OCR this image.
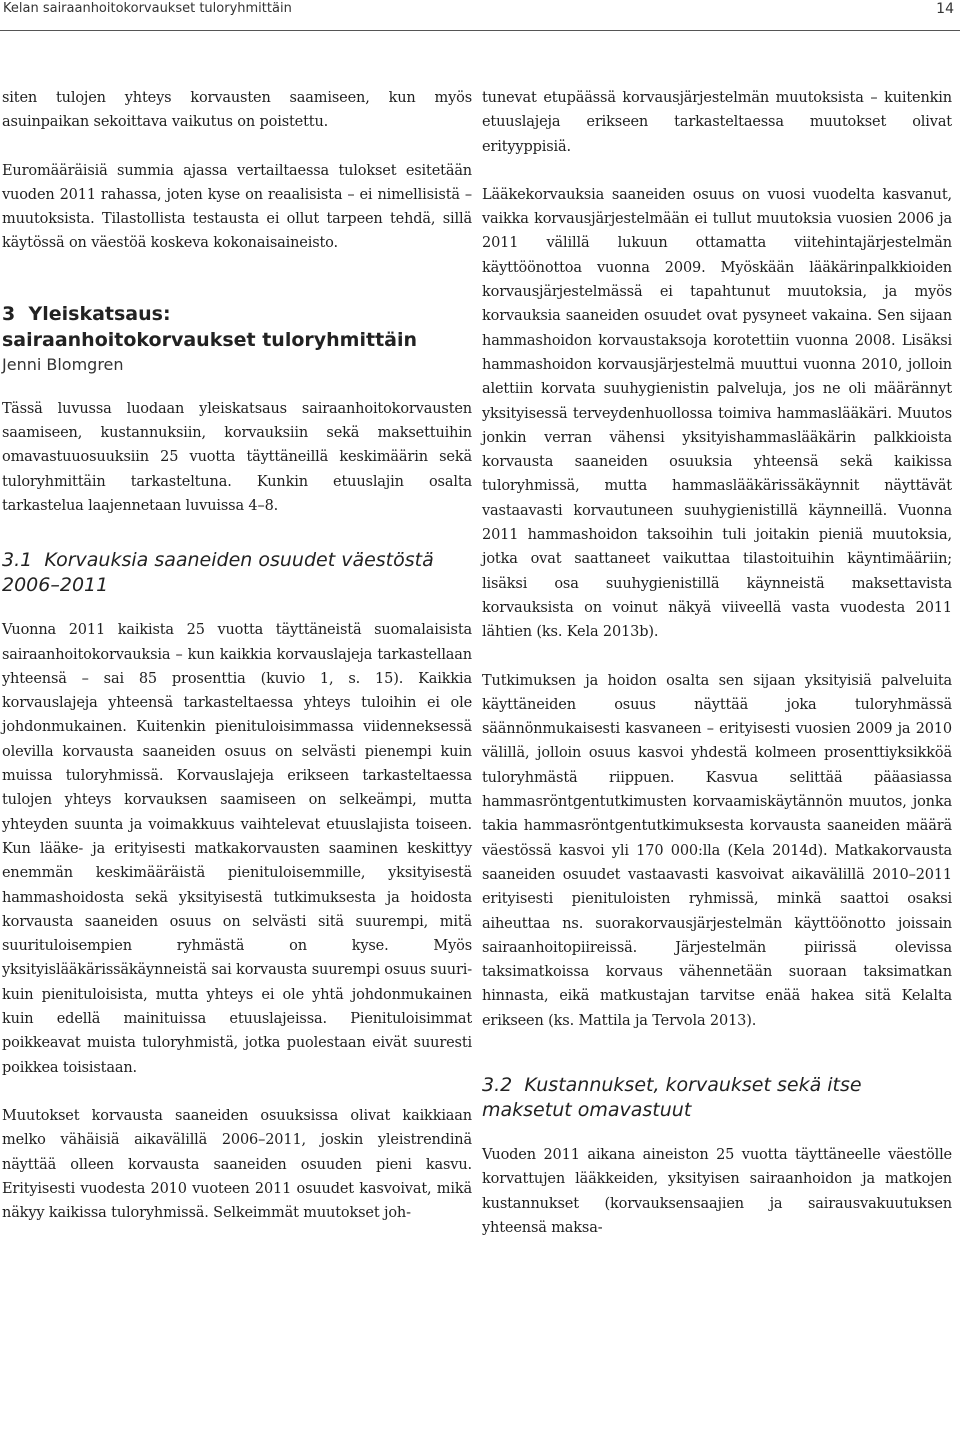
Kelan sairaanhoitokorvaukset tuloryhmittäin	14

siten tulojen yhteys korvausten saamiseen, kun myös asuinpaikan sekoittava vaikutus on poistettu.

Euromääräisiä summia ajassa vertailtaessa tulokset esitetään vuoden 2011 rahassa, joten kyse on reaalisista – ei nimellisistä – muutoksista. Tilastollista testausta ei ollut tarpeen tehdä, sillä käytössä on väestöä koskeva kokonaisaineisto.

3 Yleiskatsaus:
sairaanhoitokorvaukset tuloryhmittäin
Jenni Blomgren

Tässä luvussa luodaan yleiskatsaus sairaanhoitokorvausten saamiseen, kustannuksiin, korvauksiin sekä maksettuihin omavastuuosuuksiin 25 vuotta täyttäneillä keskimäärin sekä tuloryhmittäin tarkasteltuna. Kunkin etuuslajin osalta tarkastelua laajennetaan luvuissa 4–8.

3.1 Korvauksia saaneiden osuudet väestöstä 2006–2011

Vuonna 2011 kaikista 25 vuotta täyttäneistä suomalaisista sairaanhoitokorvauksia – kun kaikkia korvauslajeja tarkastellaan yhteensä – sai 85 prosenttia (kuvio 1, s. 15). Kaikkia korvauslajeja yhteensä tarkasteltaessa yhteys tuloihin ei ole johdonmukainen. Kuitenkin pienituloisimmassa viidenneksessä olevilla korvausta saaneiden osuus on selvästi pienempi kuin muissa tuloryhmissä. Korvauslajeja erikseen tarkasteltaessa tulojen yhteys korvauksen saamiseen on selkeämpi, mutta yhteyden suunta ja voimakkuus vaihtelevat etuuslajista toiseen. Kun lääke- ja erityisesti matkakorvausten saaminen keskittyy enemmän keskimääräistä pienituloisemmille, yksityisestä hammashoidosta sekä yksityisestä tutkimuksesta ja hoidosta korvausta saaneiden osuus on selvästi sitä suurempi, mitä suurituloisempien ryhmästä on kyse. Myös yksityislääkärissäkäynneistä sai korvausta suurempi osuus suuri- kuin pienituloisista, mutta yhteys ei ole yhtä johdonmukainen kuin edellä mainituissa etuuslajeissa. Pienituloisimmat poikkeavat muista tuloryhmistä, jotka puolestaan eivät suuresti poikkea toisistaan.

Muutokset korvausta saaneiden osuuksissa olivat kaikkiaan melko vähäisiä aikavälillä 2006–2011, joskin yleistrendinä näyttää olleen korvausta saaneiden osuuden pieni kasvu. Erityisesti vuodesta 2010 vuoteen 2011 osuudet kasvoivat, mikä näkyy kaikissa tuloryhmissä. Selkeimmät muutokset joh-

tunevat etupäässä korvausjärjestelmän muutoksista – kuitenkin etuuslajeja erikseen tarkasteltaessa muutokset olivat erityyppisiä.

Lääkekorvauksia saaneiden osuus on vuosi vuodelta kasvanut, vaikka korvausjärjestelmään ei tullut muutoksia vuosien 2006 ja 2011 välillä lukuun ottamatta viitehintajärjestelmän käyttöönottoa vuonna 2009. Myöskään lääkärinpalkkioiden korvausjärjestelmässä ei tapahtunut muutoksia, ja myös korvauksia saaneiden osuudet ovat pysyneet vakaina. Sen sijaan hammashoidon korvaustaksoja korotettiin vuonna 2008. Lisäksi hammashoidon korvausjärjestelmä muuttui vuonna 2010, jolloin alettiin korvata suuhygienistin palveluja, jos ne oli määrännyt yksityisessä terveydenhuollossa toimiva hammaslääkäri. Muutos jonkin verran vähensi yksityishammaslääkärin palkkioista korvausta saaneiden osuuksia yhteensä sekä kaikissa tuloryhmissä, mutta hammaslääkärissäkäynnit näyttävät vastaavasti korvautuneen suuhygienistillä käynneillä. Vuonna 2011 hammashoidon taksoihin tuli joitakin pieniä muutoksia, jotka ovat saattaneet vaikuttaa tilastoituihin käyntimääriin; lisäksi osa suuhygienistillä käynneistä maksettavista korvauksista on voinut näkyä viiveellä vasta vuodesta 2011 lähtien (ks. Kela 2013b).

Tutkimuksen ja hoidon osalta sen sijaan yksityisiä palveluita käyttäneiden osuus näyttää joka tuloryhmässä säännönmukaisesti kasvaneen – erityisesti vuosien 2009 ja 2010 välillä, jolloin osuus kasvoi yhdestä kolmeen prosenttiyksikköä tuloryhmästä riippuen. Kasvua selittää pääasiassa hammasröntgentutkimusten korvaamiskäytännön muutos, jonka takia hammasröntgentutkimuksesta korvausta saaneiden määrä väestössä kasvoi yli 170 000:lla (Kela 2014d). Matkakorvausta saaneiden osuudet vastaavasti kasvoivat aikavälillä 2010–2011 erityisesti pienituloisten ryhmissä, minkä saattoi osaksi aiheuttaa ns. suorakorvausjärjestelmän käyttöönotto joissain sairaanhoitopiireissä. Järjestelmän piirissä olevissa taksimatkoissa korvaus vähennetään suoraan taksimatkan hinnasta, eikä matkustajan tarvitse enää hakea sitä Kelalta erikseen (ks. Mattila ja Tervola 2013).

3.2 Kustannukset, korvaukset sekä itse maksetut omavastuut

Vuoden 2011 aikana aineiston 25 vuotta täyttäneelle väestölle korvattujen lääkkeiden, yksityisen sairaanhoidon ja matkojen kustannukset (korvauksensaajien ja sairausvakuutuksen yhteensä maksa-
